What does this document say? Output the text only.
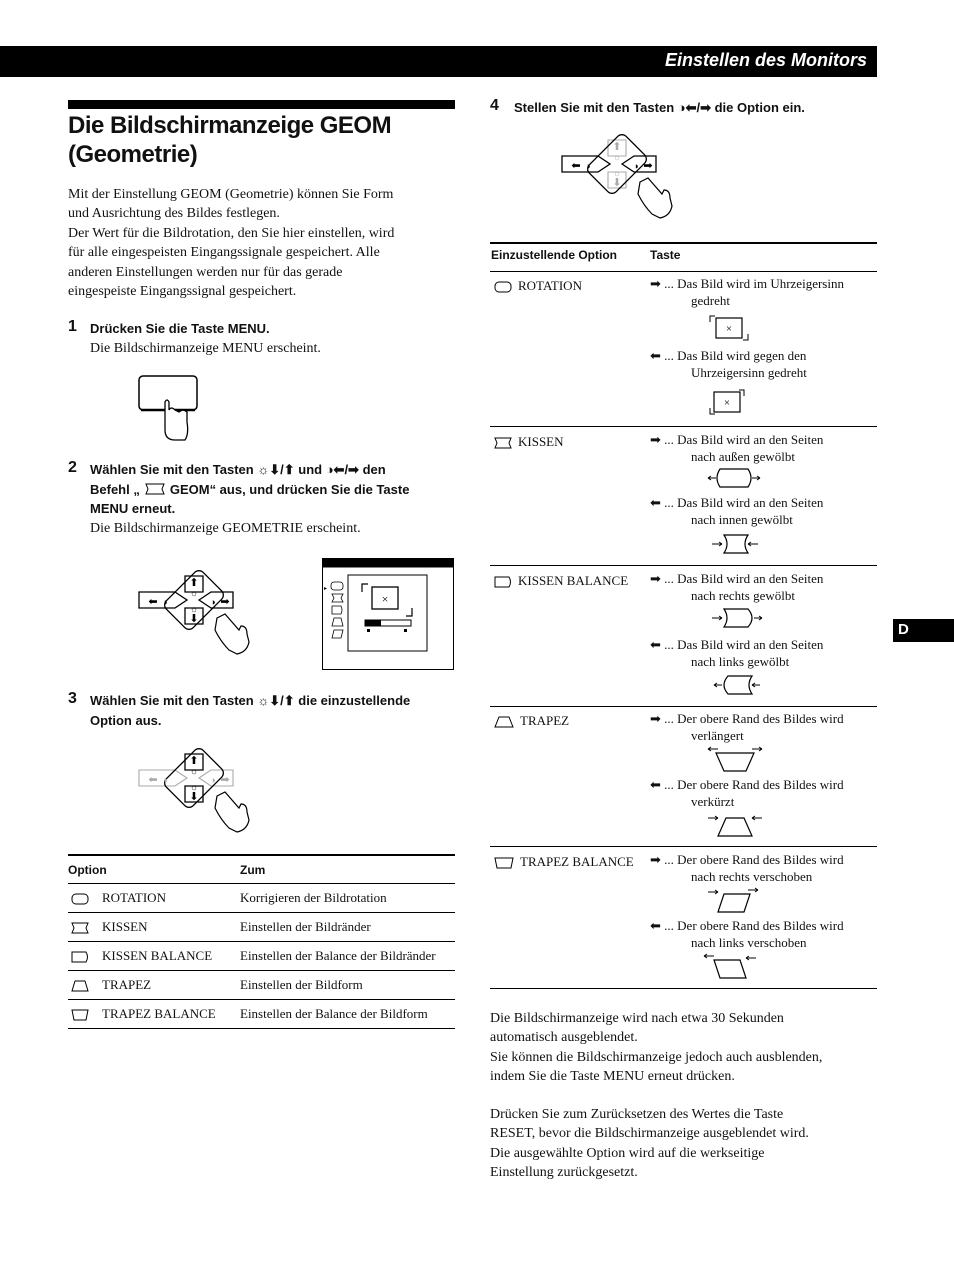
Einstellen des Monitors
D
Die Bildschirmanzeige GEOM (Geometrie)
Mit der Einstellung GEOM (Geometrie) können Sie Form
und Ausrichtung des Bildes festlegen.
Der Wert für die Bildrotation, den Sie hier einstellen, wird
für alle eingespeisten Eingangssignale gespeichert. Alle
anderen Einstellungen werden nur für das gerade
eingespeiste Eingangssignal gespeichert.
1 Drücken Sie die Taste MENU.
Die Bildschirmanzeige MENU erscheint.
2 Wählen Sie mit den Tasten ☼⬇/⬆ und ◑⬅/➡ den
Befehl „ GEOM“ aus, und drücken Sie die Taste
MENU erneut.
Die Bildschirmanzeige GEOMETRIE erscheint.
⬆
☼
☼
⬇
⬅ ◑	◑ ➡	×
▸
3 Wählen Sie mit den Tasten ☼⬇/⬆ die einzustellende
Option aus.
⬆
☼
☼
⬇
⬅ ◑	◑ ➡
Option	Zum
ROTATION	Korrigieren der Bildrotation
KISSEN	Einstellen der Bildränder
KISSEN BALANCE	Einstellen der Balance der Bildränder
TRAPEZ	Einstellen der Bildform
TRAPEZ BALANCE	Einstellen der Balance der Bildform
4 Stellen Sie mit den Tasten ◑⬅/➡ die Option ein.
⬆
☼
☼
⬇
⬅ ◑	◑ ➡
Einzustellende Option	Taste
ROTATION	➡ ... Das Bild wird im Uhrzeigersinn
gedreht
×
⬅ ... Das Bild wird gegen den
Uhrzeigersinn gedreht
×
KISSEN	➡ ... Das Bild wird an den Seiten
nach außen gewölbt
⬅ ... Das Bild wird an den Seiten
nach innen gewölbt
KISSEN BALANCE ➡ ... Das Bild wird an den Seiten
nach rechts gewölbt
⬅ ... Das Bild wird an den Seiten
nach links gewölbt
TRAPEZ	➡ ... Der obere Rand des Bildes wird
verlängert
⬅ ... Der obere Rand des Bildes wird
verkürzt
TRAPEZ BALANCE ➡ ... Der obere Rand des Bildes wird
nach rechts verschoben
⬅ ... Der obere Rand des Bildes wird
nach links verschoben
Die Bildschirmanzeige wird nach etwa 30 Sekunden
automatisch ausgeblendet.
Sie können die Bildschirmanzeige jedoch auch ausblenden,
indem Sie die Taste MENU erneut drücken.
Drücken Sie zum Zurücksetzen des Wertes die Taste
RESET, bevor die Bildschirmanzeige ausgeblendet wird.
Die ausgewählte Option wird auf die werkseitige
Einstellung zurückgesetzt.
